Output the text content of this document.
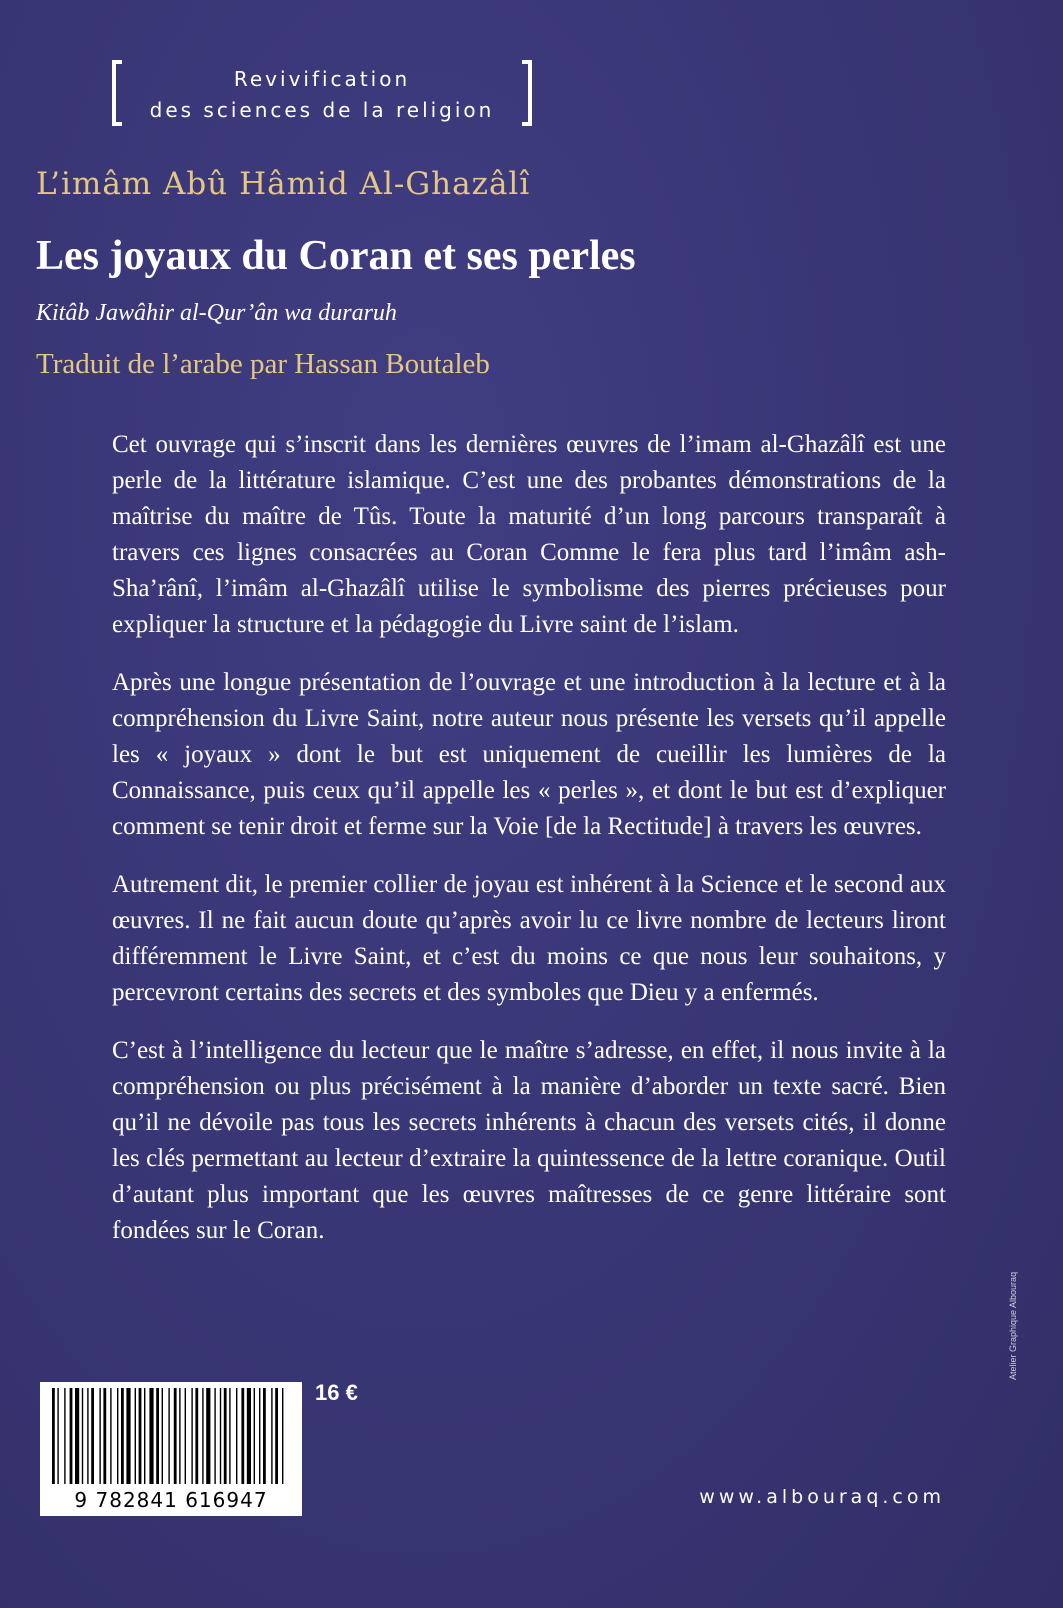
Revivification
des sciences de la religion
L’imâm Abû Hâmid Al-Ghazâlî
Les joyaux du Coran et ses perles
Kitâb Jawâhir al-Qur’ân wa duraruh
Traduit de l’arabe par Hassan Boutaleb

Cet ouvrage qui s’inscrit dans les dernières œuvres de l’imam al-Ghazâlî est une perle de la littérature islamique. C’est une des probantes démonstrations de la maîtrise du maître de Tûs. Toute la maturité d’un long parcours transparaît à travers ces lignes consacrées au Coran Comme le fera plus tard l’imâm ash-Sha’rânî, l’imâm al-Ghazâlî utilise le symbolisme des pierres précieuses pour expliquer la structure et la pédagogie du Livre saint de l’islam.

Après une longue présentation de l’ouvrage et une introduction à la lecture et à la compréhension du Livre Saint, notre auteur nous présente les versets qu’il appelle les « joyaux » dont le but est uniquement de cueillir les lumières de la Connaissance, puis ceux qu’il appelle les « perles », et dont le but est d’expliquer comment se tenir droit et ferme sur la Voie [de la Rectitude] à travers les œuvres.

Autrement dit, le premier collier de joyau est inhérent à la Science et le second aux œuvres. Il ne fait aucun doute qu’après avoir lu ce livre nombre de lecteurs liront différemment le Livre Saint, et c’est du moins ce que nous leur souhaitons, y percevront certains des secrets et des symboles que Dieu y a enfermés.

C’est à l’intelligence du lecteur que le maître s’adresse, en effet, il nous invite à la compréhension ou plus précisément à la manière d’aborder un texte sacré. Bien qu’il ne dévoile pas tous les secrets inhérents à chacun des versets cités, il donne les clés permettant au lecteur d’extraire la quintessence de la lettre coranique. Outil d’autant plus important que les œuvres maîtresses de ce genre littéraire sont fondées sur le Coran.

9 782841 616947
16 €
www.albouraq.com
Atelier Graphique Albouraq
